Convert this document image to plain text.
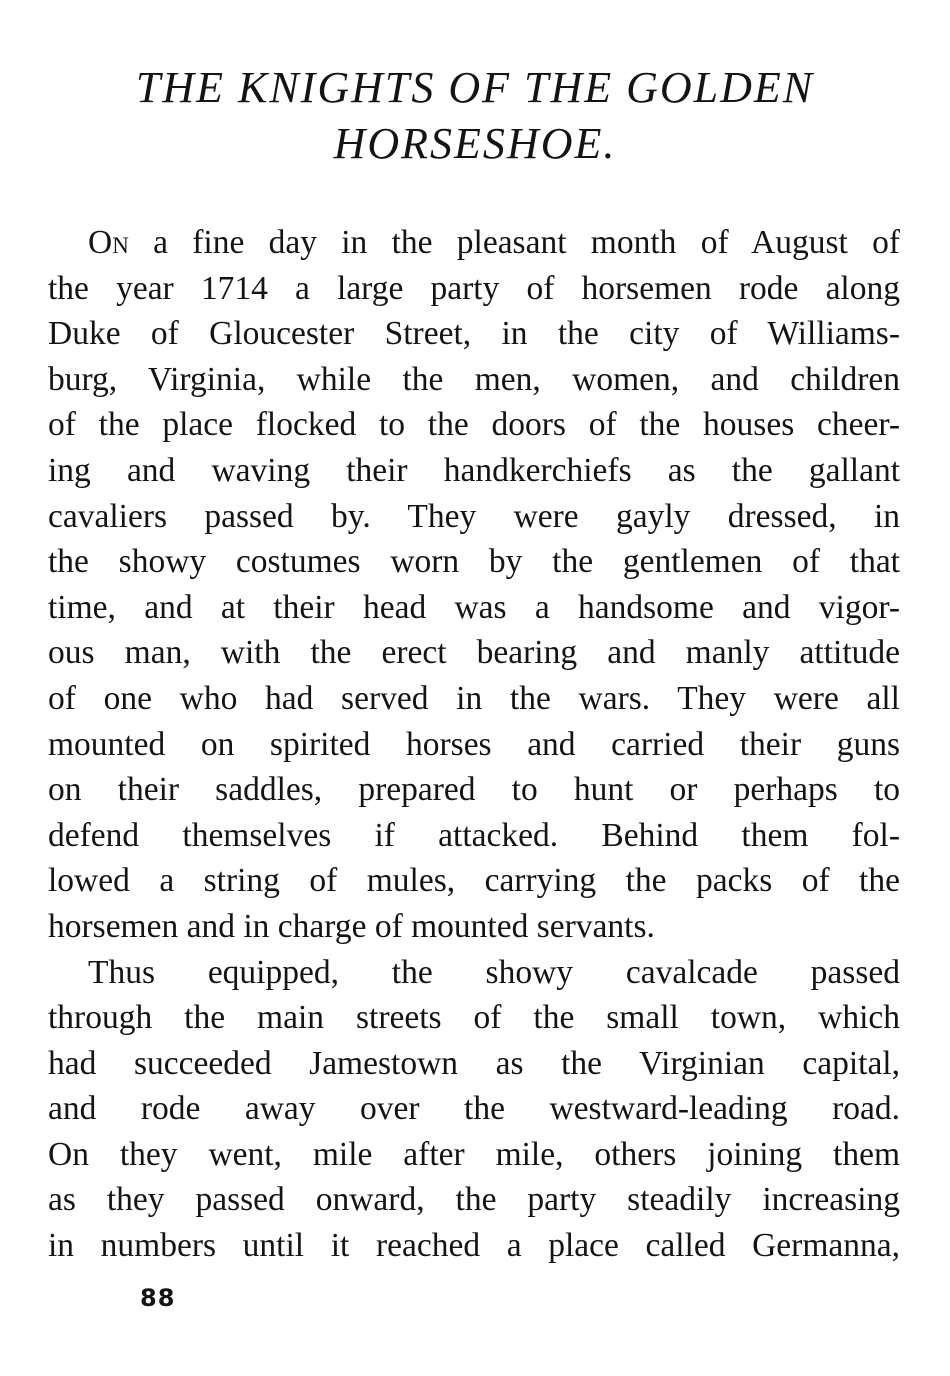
THE KNIGHTS OF THE GOLDEN
HORSESHOE.
On a fine day in the pleasant month of August of
the year 1714 a large party of horsemen rode along
Duke of Gloucester Street, in the city of Williams-
burg, Virginia, while the men, women, and children
of the place flocked to the doors of the houses cheer-
ing and waving their handkerchiefs as the gallant
cavaliers passed by. They were gayly dressed, in
the showy costumes worn by the gentlemen of that
time, and at their head was a handsome and vigor-
ous man, with the erect bearing and manly attitude
of one who had served in the wars. They were all
mounted on spirited horses and carried their guns
on their saddles, prepared to hunt or perhaps to
defend themselves if attacked. Behind them fol-
lowed a string of mules, carrying the packs of the
horsemen and in charge of mounted servants.
Thus equipped, the showy cavalcade passed
through the main streets of the small town, which
had succeeded Jamestown as the Virginian capital,
and rode away over the westward-leading road.
On they went, mile after mile, others joining them
as they passed onward, the party steadily increasing
in numbers until it reached a place called Germanna,
88
